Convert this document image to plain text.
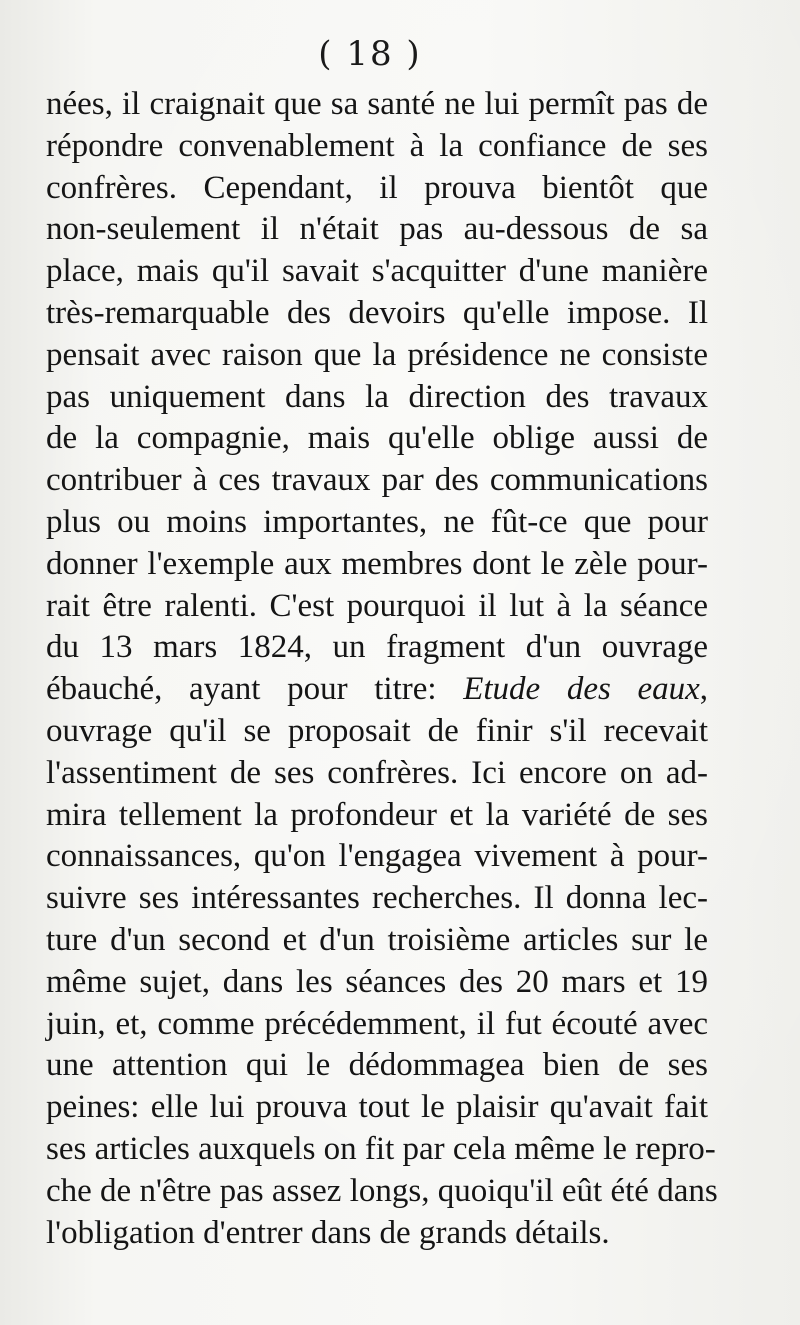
( 18 )
nées, il craignait que sa santé ne lui permît pas de
répondre convenablement à la confiance de ses
confrères. Cependant, il prouva bientôt que
non-seulement il n'était pas au-dessous de sa
place, mais qu'il savait s'acquitter d'une manière
très-remarquable des devoirs qu'elle impose. Il
pensait avec raison que la présidence ne consiste
pas uniquement dans la direction des travaux
de la compagnie, mais qu'elle oblige aussi de
contribuer à ces travaux par des communications
plus ou moins importantes, ne fût-ce que pour
donner l'exemple aux membres dont le zèle pour-
rait être ralenti. C'est pourquoi il lut à la séance
du 13 mars 1824, un fragment d'un ouvrage
ébauché, ayant pour titre: Etude des eaux,
ouvrage qu'il se proposait de finir s'il recevait
l'assentiment de ses confrères. Ici encore on ad-
mira tellement la profondeur et la variété de ses
connaissances, qu'on l'engagea vivement à pour-
suivre ses intéressantes recherches. Il donna lec-
ture d'un second et d'un troisième articles sur le
même sujet, dans les séances des 20 mars et 19
juin, et, comme précédemment, il fut écouté avec
une attention qui le dédommagea bien de ses
peines: elle lui prouva tout le plaisir qu'avait fait
ses articles auxquels on fit par cela même le repro-
che de n'être pas assez longs, quoiqu'il eût été dans
l'obligation d'entrer dans de grands détails.
